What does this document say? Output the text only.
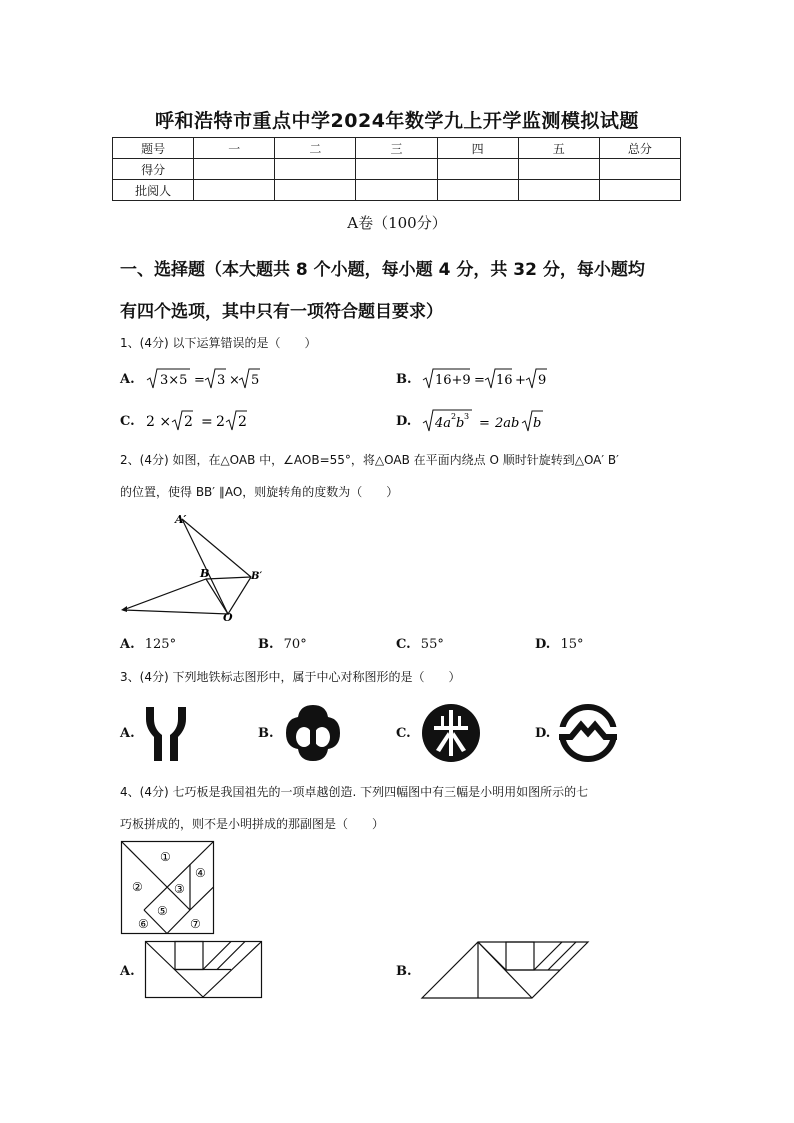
呼和浩特市重点中学2024年数学九上开学监测模拟试题
题号	一	二	三	四	五	总分
得分						
批阅人						
A卷（100分）
一、选择题（本大题共 8 个小题，每小题 4 分，共 32 分，每小题均
有四个选项，其中只有一项符合题目要求）
1、(4分) 以下运算错误的是（　　）
A. 3×5 = 3 × 5	B. 16+9 = 16 + 9
C. 2 × 2 = 2 2	D. 4a 2 b 3 = 2ab b
2、(4分) 如图，在△OAB 中，∠AOB=55°，将△OAB 在平面内绕点 O 顺时针旋转到△OA′ B′
的位置，使得 BB′ ∥AO，则旋转角的度数为（　　）
A′
B	B′
O
A. 125°	B. 70°	C. 55°	D. 15°
3、(4分) 下列地铁标志图形中，属于中心对称图形的是（　　）
A.	B.	C.	D.
4、(4分) 七巧板是我国祖先的一项卓越创造. 下列四幅图中有三幅是小明用如图所示的七
巧板拼成的，则不是小明拼成的那副图是（　　）
①
②	③
④
⑤
⑥	⑦
A.	B.
